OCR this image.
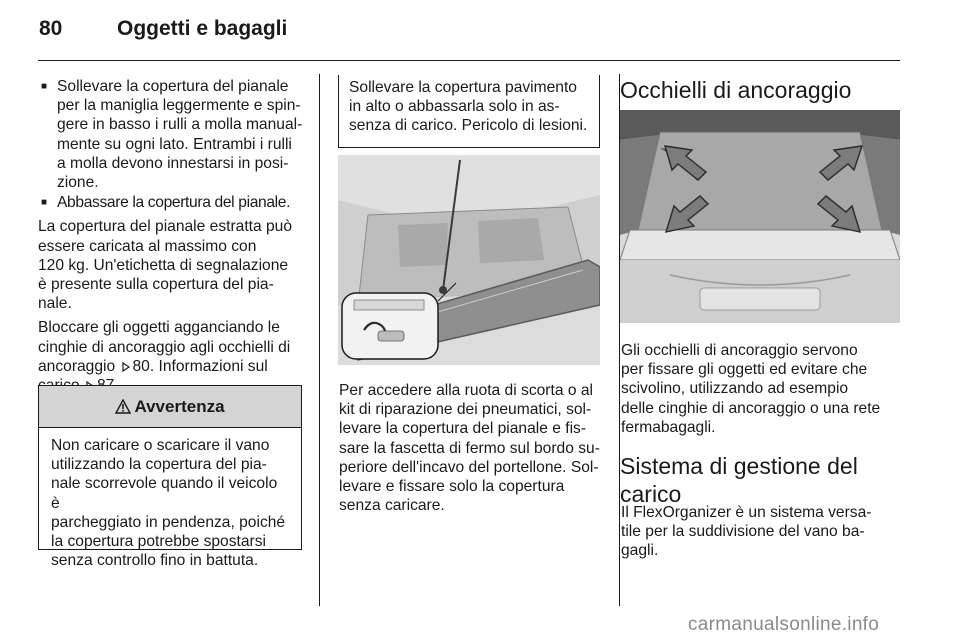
80	Oggetti e bagagli
■ Sollevare la copertura del pianale
per la maniglia leggermente e spin-
gere in basso i rulli a molla manual-
mente su ogni lato. Entrambi i rulli
a molla devono innestarsi in posi-
zione.
■ Abbassare la copertura del pianale.

La copertura del pianale estratta può
essere caricata al massimo con
120 kg. Un'etichetta di segnalazione
è presente sulla copertura del pia-
nale.

Bloccare gli oggetti agganciando le
cinghie di ancoraggio agli occhielli di
ancoraggio 80. Informazioni sul

Avvertenza
Non caricare o scaricare il vano
utilizzando la copertura del pia-
nale scorrevole quando il veicolo è
parcheggiato in pendenza, poiché
la copertura potrebbe spostarsi
senza controllo fino in battuta.
Sollevare la copertura pavimento
in alto o abbassarla solo in as-
senza di carico. Pericolo di lesioni.
Per accedere alla ruota di scorta o al
kit di riparazione dei pneumatici, sol-
levare la copertura del pianale e fis-
sare la fascetta di fermo sul bordo su-
periore dell'incavo del portellone. Sol-
levare e fissare solo la copertura
senza caricare.
Occhielli di ancoraggio
Gli occhielli di ancoraggio servono
per fissare gli oggetti ed evitare che
scivolino, utilizzando ad esempio
delle cinghie di ancoraggio o una rete
fermabagagli.
Sistema di gestione del
carico
Il FlexOrganizer è un sistema versa-
tile per la suddivisione del vano ba-
gagli.
carmanualsonline.info
